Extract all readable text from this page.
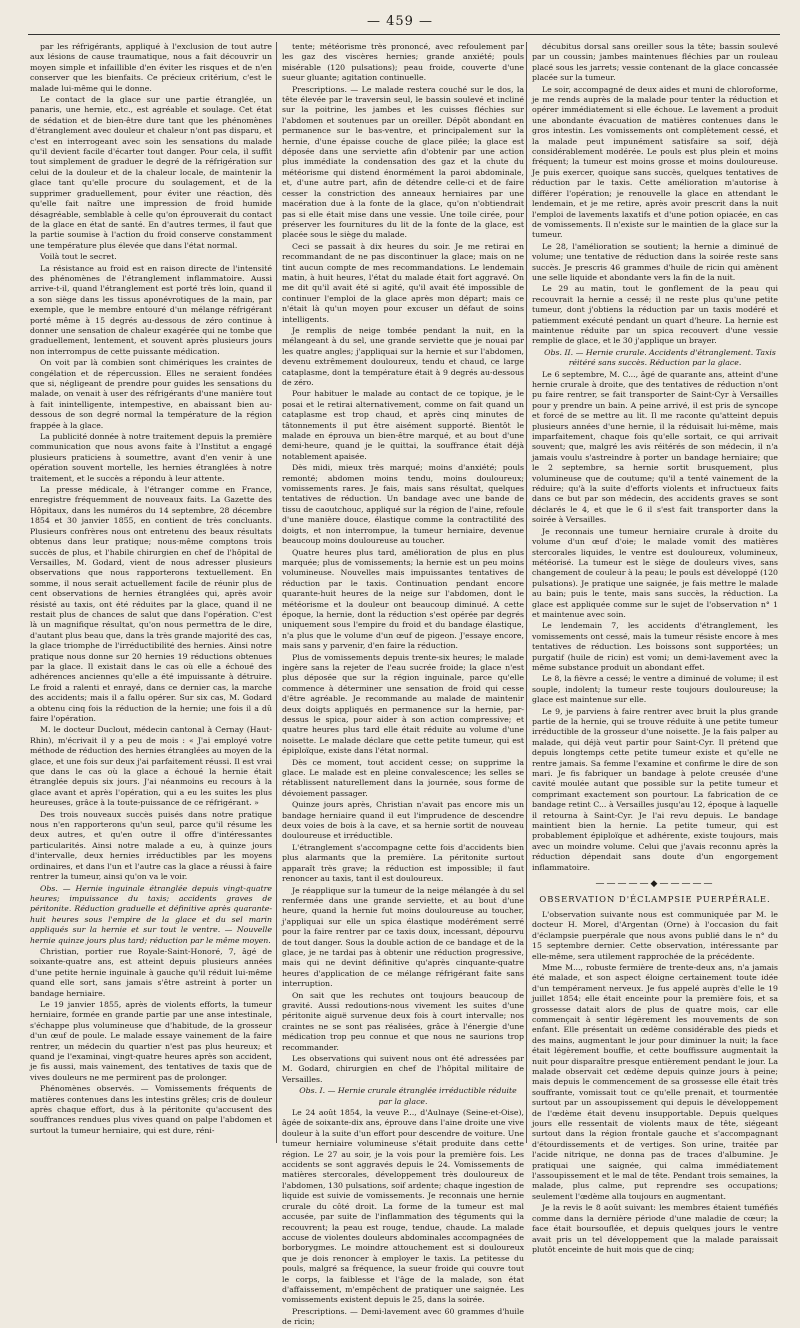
— 459 —

par les réfrigérants, appliqué à l'exclusion de tout autre aux lésions de cause traumatique, nous a fait découvrir un moyen simple et infaillible d'en éviter les risques et de n'en conserver que les bienfaits. Ce précieux critérium, c'est le malade lui-même qui le donne.

Le contact de la glace sur une partie étranglée, un panaris, une hernie, etc., est agréable et soulage. Cet état de sédation et de bien-être dure tant que les phénomènes d'étranglement avec douleur et chaleur n'ont pas disparu, et c'est en interrogeant avec soin les sensations du malade qu'il devient facile d'écarter tout danger. Pour cela, il suffit tout simplement de graduer le degré de la réfrigération sur celui de la douleur et de la chaleur locale, de maintenir la glace tant qu'elle procure du soulagement, et de la supprimer graduellement, pour éviter une réaction, dès qu'elle fait naître une impression de froid humide désagréable, semblable à celle qu'on éprouverait du contact de la glace en état de santé. En d'autres termes, il faut que la partie soumise à l'action du froid conserve constamment une température plus élevée que dans l'état normal.

Voilà tout le secret.

La résistance au froid est en raison directe de l'intensité des phénomènes de l'étranglement inflammatoire. Aussi arrive-t-il, quand l'étranglement est porté très loin, quand il a son siège dans les tissus aponévrotiques de la main, par exemple, que le membre entouré d'un mélange réfrigérant porté même à 15 degrés au-dessous de zéro continue à donner une sensation de chaleur exagérée qui ne tombe que graduellement, lentement, et souvent après plusieurs jours non interrompus de cette puissante médication.

On voit par là combien sont chimériques les craintes de congélation et de répercussion. Elles ne seraient fondées que si, négligeant de prendre pour guides les sensations du malade, on venait à user des réfrigérants d'une manière tout à fait inintelligente, intempestive, en abaissant bien au-dessous de son degré normal la température de la région frappée à la glace.

La publicité donnée à notre traitement depuis la première communication que nous avons faite à l'Institut a engagé plusieurs praticiens à soumettre, avant d'en venir à une opération souvent mortelle, les hernies étranglées à notre traitement, et le succès a répondu à leur attente.

La presse médicale, à l'étranger comme en France, enregistre fréquemment de nouveaux faits. La Gazette des Hôpitaux, dans les numéros du 14 septembre, 28 décembre 1854 et 30 janvier 1855, en contient de très concluants. Plusieurs confrères nous ont entretenu des beaux résultats obtenus dans leur pratique; nous-même comptons trois succès de plus, et l'habile chirurgien en chef de l'hôpital de Versailles, M. Godard, vient de nous adresser plusieurs observations que nous rapporterons textuellement. En somme, il nous serait actuellement facile de réunir plus de cent observations de hernies étranglées qui, après avoir résisté au taxis, ont été réduites par la glace, quand il ne restait plus de chances de salut que dans l'opération. C'est là un magnifique résultat, qu'on nous permettra de le dire, d'autant plus beau que, dans la très grande majorité des cas, la glace triomphe de l'irréductibilité des hernies. Ainsi notre pratique nous donne sur 20 hernies 19 réductions obtenues par la glace. Il existait dans le cas où elle a échoué des adhérences anciennes qu'elle a été impuissante à détruire. Le froid a ralenti et enrayé, dans ce dernier cas, la marche des accidents; mais il a fallu opérer. Sur six cas, M. Godard a obtenu cinq fois la réduction de la hernie; une fois il a dû faire l'opération.

M. le docteur Duclout, médecin cantonal à Cernay (Haut-Rhin), m'écrivait il y a peu de mois : « J'ai employé votre méthode de réduction des hernies étranglées au moyen de la glace, et une fois sur deux j'ai parfaitement réussi. Il est vrai que dans le cas où la glace a échoué la hernie était étranglée depuis six jours. J'ai néanmoins eu recours à la glace avant et après l'opération, qui a eu les suites les plus heureuses, grâce à la toute-puissance de ce réfrigérant. »

Des trois nouveaux succès puisés dans notre pratique nous n'en rapporterons qu'un seul, parce qu'il résume les deux autres, et qu'en outre il offre d'intéressantes particularités. Ainsi notre malade a eu, à quinze jours d'intervalle, deux hernies irréductibles par les moyens ordinaires, et dans l'un et l'autre cas la glace a réussi à faire rentrer la tumeur, ainsi qu'on va le voir.

Obs. — Hernie inguinale étranglée depuis vingt-quatre heures; impuissance du taxis; accidents graves de péritonite. Réduction graduelle et définitive après quarante-huit heures sous l'empire de la glace et du sel marin appliqués sur la hernie et sur tout le ventre. — Nouvelle hernie quinze jours plus tard; réduction par le même moyen.

Christian, portier rue Royale-Saint-Honoré, 7, âgé de soixante-quatre ans, est atteint depuis plusieurs années d'une petite hernie inguinale à gauche qu'il réduit lui-même quand elle sort, sans jamais s'être astreint à porter un bandage herniaire.

Le 19 janvier 1855, après de violents efforts, la tumeur herniaire, formée en grande partie par une anse intestinale, s'échappe plus volumineuse que d'habitude, de la grosseur d'un œuf de poule. Le malade essaye vainement de la faire rentrer, un médecin du quartier n'est pas plus heureux; et quand je l'examinai, vingt-quatre heures après son accident, je fis aussi, mais vainement, des tentatives de taxis que de vives douleurs ne me permirent pas de prolonger.

Phénomènes observés. — Vomissements fréquents de matières contenues dans les intestins grêles; cris de douleur après chaque effort, dus à la péritonite qu'accusent des souffrances rendues plus vives quand on palpe l'abdomen et surtout la tumeur herniaire, qui est dure, réni-

tente; météorisme très prononcé, avec refoulement par les gaz des viscères hernies; grande anxiété; pouls misérable (120 pulsations); peau froide, couverte d'une sueur gluante; agitation continuelle.

Prescriptions. — Le malade restera couché sur le dos, la tête élevée par le traversin seul, le bassin soulevé et incliné sur la poitrine, les jambes et les cuisses fléchies sur l'abdomen et soutenues par un oreiller. Dépôt abondant en permanence sur le bas-ventre, et principalement sur la hernie, d'une épaisse couche de glace pilée; la glace est déposée dans une serviette afin d'obtenir par une action plus immédiate la condensation des gaz et la chute du météorisme qui distend énormément la paroi abdominale, et, d'une autre part, afin de détendre celle-ci et de faire cesser la constriction des anneaux herniaires par une macération due à la fonte de la glace, qu'on n'obtiendrait pas si elle était mise dans une vessie. Une toile cirée, pour préserver les fournitures du lit de la fonte de la glace, est placée sous le siège du malade.

Ceci se passait à dix heures du soir. Je me retirai en recommandant de ne pas discontinuer la glace; mais on ne tint aucun compte de mes recommandations. Le lendemain matin, à huit heures, l'état du malade était fort aggravé. On me dit qu'il avait été si agité, qu'il avait été impossible de continuer l'emploi de la glace après mon départ; mais ce n'était là qu'un moyen pour excuser un défaut de soins intelligents.

Je remplis de neige tombée pendant la nuit, en la mélangeant à du sel, une grande serviette que je nouai par les quatre angles; j'appliquai sur la hernie et sur l'abdomen, devenu extrêmement douloureux, tendu et chaud, ce large cataplasme, dont la température était à 9 degrés au-dessous de zéro.

Pour habituer le malade au contact de ce topique, je le posai et le retirai alternativement, comme on fait quand un cataplasme est trop chaud, et après cinq minutes de tâtonnements il put être aisément supporté. Bientôt le malade en éprouva un bien-être marqué, et au bout d'une demi-heure, quand je le quittai, la souffrance était déjà notablement apaisée.

Dès midi, mieux très marqué; moins d'anxiété; pouls remonté; abdomen moins tendu, moins douloureux; vomissements rares. Je fais, mais sans résultat, quelques tentatives de réduction. Un bandage avec une bande de tissu de caoutchouc, appliqué sur la région de l'aine, refoule d'une manière douce, élastique comme la contractilité des doigts, et non interrompue, la tumeur herniaire, devenue beaucoup moins douloureuse au toucher.

Quatre heures plus tard, amélioration de plus en plus marquée; plus de vomissements; la hernie est un peu moins volumineuse. Nouvelles mais impuissantes tentatives de réduction par le taxis. Continuation pendant encore quarante-huit heures de la neige sur l'abdomen, dont le météorisme et la douleur ont beaucoup diminué. A cette époque, la hernie, dont la réduction s'est opérée par degrés uniquement sous l'empire du froid et du bandage élastique, n'a plus que le volume d'un œuf de pigeon. J'essaye encore, mais sans y parvenir, d'en faire la réduction.

Plus de vomissements depuis trente-six heures; le malade ingère sans la rejeter de l'eau sucrée froide; la glace n'est plus déposée que sur la région inguinale, parce qu'elle commence à déterminer une sensation de froid qui cesse d'être agréable. Je recommande au malade de maintenir deux doigts appliqués en permanence sur la hernie, par-dessus le spica, pour aider à son action compressive; et quatre heures plus tard elle était réduite au volume d'une noisette. Le malade déclare que cette petite tumeur, qui est épiploïque, existe dans l'état normal.

Dès ce moment, tout accident cesse; on supprime la glace. Le malade est en pleine convalescence; les selles se rétablissent naturellement dans la journée, sous forme de dévoiement passager.

Quinze jours après, Christian n'avait pas encore mis un bandage herniaire quand il eut l'imprudence de descendre deux voies de bois à la cave, et sa hernie sortit de nouveau douloureuse et irréductible.

L'étranglement s'accompagne cette fois d'accidents bien plus alarmants que la première. La péritonite surtout apparaît très grave; la réduction est impossible; il faut renoncer au taxis, tant il est douloureux.

Je réapplique sur la tumeur de la neige mélangée à du sel renfermée dans une grande serviette, et au bout d'une heure, quand la hernie fut moins douloureuse au toucher, j'appliquai sur elle un spica élastique modérément serré pour la faire rentrer par ce taxis doux, incessant, dépourvu de tout danger. Sous la double action de ce bandage et de la glace, je ne tardai pas à obtenir une réduction progressive, mais qui ne devint définitive qu'après cinquante-quatre heures d'application de ce mélange réfrigérant faite sans interruption.

On sait que les rechutes ont toujours beaucoup de gravité. Aussi redoutions-nous vivement les suites d'une péritonite aiguë survenue deux fois à court intervalle; nos craintes ne se sont pas réalisées, grâce à l'énergie d'une médication trop peu connue et que nous ne saurions trop recommander.

Les observations qui suivent nous ont été adressées par M. Godard, chirurgien en chef de l'hôpital militaire de Versailles.

Obs. I. — Hernie crurale étranglée irréductible réduite par la glace.

Le 24 août 1854, la veuve P..., d'Aulnaye (Seine-et-Oise), âgée de soixante-dix ans, éprouve dans l'aine droite une vive douleur à la suite d'un effort pour descendre de voiture. Une tumeur herniaire volumineuse s'était produite dans cette région. Le 27 au soir, je la vois pour la première fois. Les accidents se sont aggravés depuis le 24. Vomissements de matières stercorales, développement très douloureux de l'abdomen, 130 pulsations, soif ardente; chaque ingestion de liquide est suivie de vomissements. Je reconnais une hernie crurale du côté droit. La forme de la tumeur est mal accusée, par suite de l'inflammation des téguments qui la recouvrent; la peau est rouge, tendue, chaude. La malade accuse de violentes douleurs abdominales accompagnées de borborygmes. Le moindre attouchement est si douloureux que je dois renoncer à employer le taxis. La petitesse du pouls, malgré sa fréquence, la sueur froide qui couvre tout le corps, la faiblesse et l'âge de la malade, son état d'affaissement, m'empêchent de pratiquer une saignée. Les vomissements existent depuis le 25, dans la soirée.

Prescriptions. — Demi-lavement avec 60 grammes d'huile de ricin;

décubitus dorsal sans oreiller sous la tête; bassin soulevé par un coussin; jambes maintenues fléchies par un rouleau placé sous les jarrets; vessie contenant de la glace concassée placée sur la tumeur.

Le soir, accompagné de deux aides et muni de chloroforme, je me rends auprès de la malade pour tenter la réduction et opérer immédiatement si elle échoue. Le lavement a produit une abondante évacuation de matières contenues dans le gros intestin. Les vomissements ont complètement cessé, et la malade peut impunément satisfaire sa soif, déjà considérablement modérée. Le pouls est plus plein et moins fréquent; la tumeur est moins grosse et moins douloureuse. Je puis exercer, quoique sans succès, quelques tentatives de réduction par le taxis. Cette amélioration m'autorise à différer l'opération; je renouvelle la glace en attendant le lendemain, et je me retire, après avoir prescrit dans la nuit l'emploi de lavements laxatifs et d'une potion opiacée, en cas de vomissements. Il n'existe sur le maintien de la glace sur la tumeur.

Le 28, l'amélioration se soutient; la hernie a diminué de volume; une tentative de réduction dans la soirée reste sans succès. Je prescris 46 grammes d'huile de ricin qui amènent une selle liquide et abondante vers la fin de la nuit.

Le 29 au matin, tout le gonflement de la peau qui recouvrait la hernie a cessé; il ne reste plus qu'une petite tumeur, dont j'obtiens la réduction par un taxis modéré et patiemment exécuté pendant un quart d'heure. La hernie est maintenue réduite par un spica recouvert d'une vessie remplie de glace, et le 30 j'applique un brayer.

Obs. II. — Hernie crurale. Accidents d'étranglement. Taxis réitéré sans succès. Réduction par la glace.

Le 6 septembre, M. C..., âgé de quarante ans, atteint d'une hernie crurale à droite, que des tentatives de réduction n'ont pu faire rentrer, se fait transporter de Saint-Cyr à Versailles pour y prendre un bain. A peine arrivé, il est pris de syncope et forcé de se mettre au lit. Il me raconte qu'atteint depuis plusieurs années d'une hernie, il la réduisait lui-même, mais imparfaitement, chaque fois qu'elle sortait, ce qui arrivait souvent; que, malgré les avis réitérés de son médecin, il n'a jamais voulu s'astreindre à porter un bandage herniaire; que le 2 septembre, sa hernie sortit brusquement, plus volumineuse que de coutume; qu'il a tenté vainement de la réduire; qu'à la suite d'efforts violents et infructueux faits dans ce but par son médecin, des accidents graves se sont déclarés le 4, et que le 6 il s'est fait transporter dans la soirée à Versailles.

Je reconnais une tumeur herniaire crurale à droite du volume d'un œuf d'oie; le malade vomit des matières stercorales liquides, le ventre est douloureux, volumineux, météorisé. La tumeur est le siège de douleurs vives, sans changement de couleur à la peau; le pouls est développé (120 pulsations). Je pratique une saignée, je fais mettre le malade au bain; puis le tente, mais sans succès, la réduction. La glace est appliquée comme sur le sujet de l'observation n° 1 et maintenue avec soin.

Le lendemain 7, les accidents d'étranglement, les vomissements ont cessé, mais la tumeur résiste encore à mes tentatives de réduction. Les boissons sont supportées; un purgatif (huile de ricin) est vomi; un demi-lavement avec la même substance produit un abondant effet.

Le 8, la fièvre a cessé; le ventre a diminué de volume; il est souple, indolent; la tumeur reste toujours douloureuse; la glace est maintenue sur elle.

Le 9, je parviens à faire rentrer avec bruit la plus grande partie de la hernie, qui se trouve réduite à une petite tumeur irréductible de la grosseur d'une noisette. Je la fais palper au malade, qui déjà veut partir pour Saint-Cyr. Il prétend que depuis longtemps cette petite tumeur existe et qu'elle ne rentre jamais. Sa femme l'examine et confirme le dire de son mari. Je fis fabriquer un bandage à pelote creusée d'une cavité moulée autant que possible sur la petite tumeur et comprimant exactement son pourtour. La fabrication de ce bandage retint C... à Versailles jusqu'au 12, époque à laquelle il retourna à Saint-Cyr. Je l'ai revu depuis. Le bandage maintient bien la hernie. La petite tumeur, qui est probablement épiploïque et adhérente, existe toujours, mais avec un moindre volume. Celui que j'avais reconnu après la réduction dépendait sans doute d'un engorgement inflammatoire.

—————◆—————
OBSERVATION D'ÉCLAMPSIE PUERPÉRALE.

L'observation suivante nous est communiquée par M. le docteur H. Morel, d'Argentan (Orne) à l'occasion du fait d'éclampsie puerpérale que nous avons publié dans le n° du 15 septembre dernier. Cette observation, intéressante par elle-même, sera utilement rapprochée de la précédente.

Mme M..., robuste fermière de trente-deux ans, n'a jamais été malade, et son aspect éloigne certainement toute idée d'un tempérament nerveux. Je fus appelé auprès d'elle le 19 juillet 1854; elle était enceinte pour la première fois, et sa grossesse datait alors de plus de quatre mois, car elle commençait à sentir légèrement les mouvements de son enfant. Elle présentait un œdème considérable des pieds et des mains, augmentant le jour pour diminuer la nuit; la face était légèrement bouffie, et cette bouffissure augmentait la nuit pour disparaître presque entièrement pendant le jour. La malade observait cet œdème depuis quinze jours à peine; mais depuis le commencement de sa grossesse elle était très souffrante, vomissait tout ce qu'elle prenait, et tourmentée surtout par un assoupissement qui depuis le développement de l'œdème était devenu insupportable. Depuis quelques jours elle ressentait de violents maux de tête, siégeant surtout dans la région frontale gauche et s'accompagnant d'étourdissements et de vertiges. Son urine, traitée par l'acide nitrique, ne donna pas de traces d'albumine. Je pratiquai une saignée, qui calma immédiatement l'assoupissement et le mal de tête. Pendant trois semaines, la malade, plus calme, put reprendre ses occupations; seulement l'œdème alla toujours en augmentant.

Je la revis le 8 août suivant: les membres étaient tuméfiés comme dans la dernière période d'une maladie de cœur; la face était boursouflée, et depuis quelques jours le ventre avait pris un tel développement que la malade paraissait plutôt enceinte de huit mois que de cinq;
